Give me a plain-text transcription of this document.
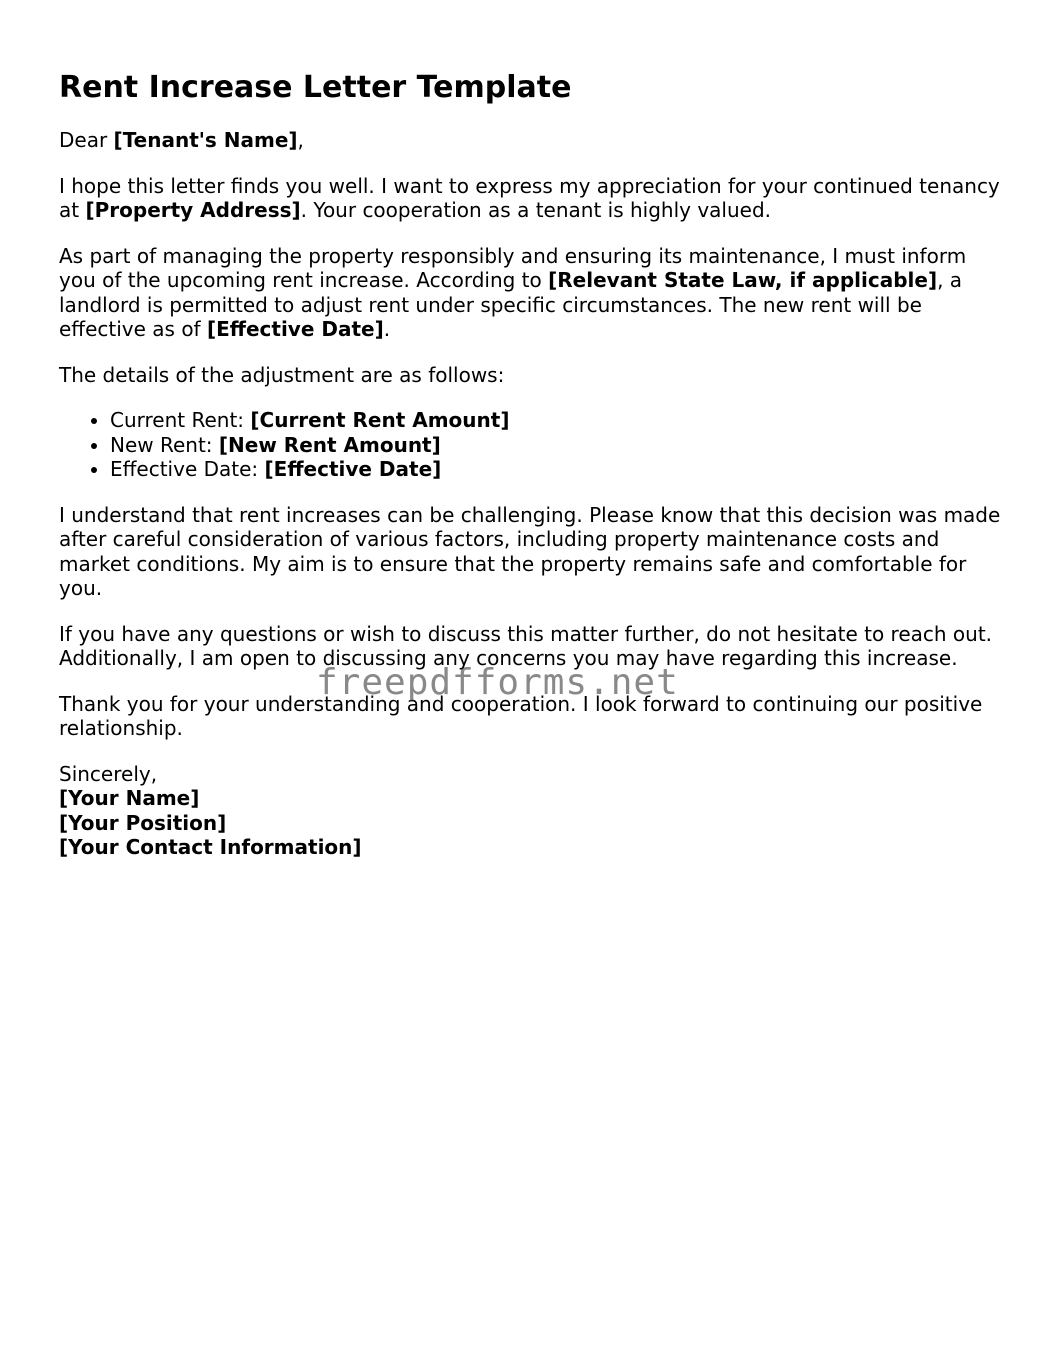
Rent Increase Letter Template

Dear [Tenant's Name],

I hope this letter finds you well. I want to express my appreciation for your continued tenancy at [Property Address]. Your cooperation as a tenant is highly valued.

As part of managing the property responsibly and ensuring its maintenance, I must inform you of the upcoming rent increase. According to [Relevant State Law, if applicable], a landlord is permitted to adjust rent under specific circumstances. The new rent will be effective as of [Effective Date].

The details of the adjustment are as follows:

• Current Rent: [Current Rent Amount]
• New Rent: [New Rent Amount]
• Effective Date: [Effective Date]

I understand that rent increases can be challenging. Please know that this decision was made after careful consideration of various factors, including property maintenance costs and market conditions. My aim is to ensure that the property remains safe and comfortable for you.

If you have any questions or wish to discuss this matter further, do not hesitate to reach out. Additionally, I am open to discussing any concerns you may have regarding this increase.

Thank you for your understanding and cooperation. I look forward to continuing our positive relationship.

Sincerely,
[Your Name]
[Your Position]
[Your Contact Information]
freepdfforms.net
